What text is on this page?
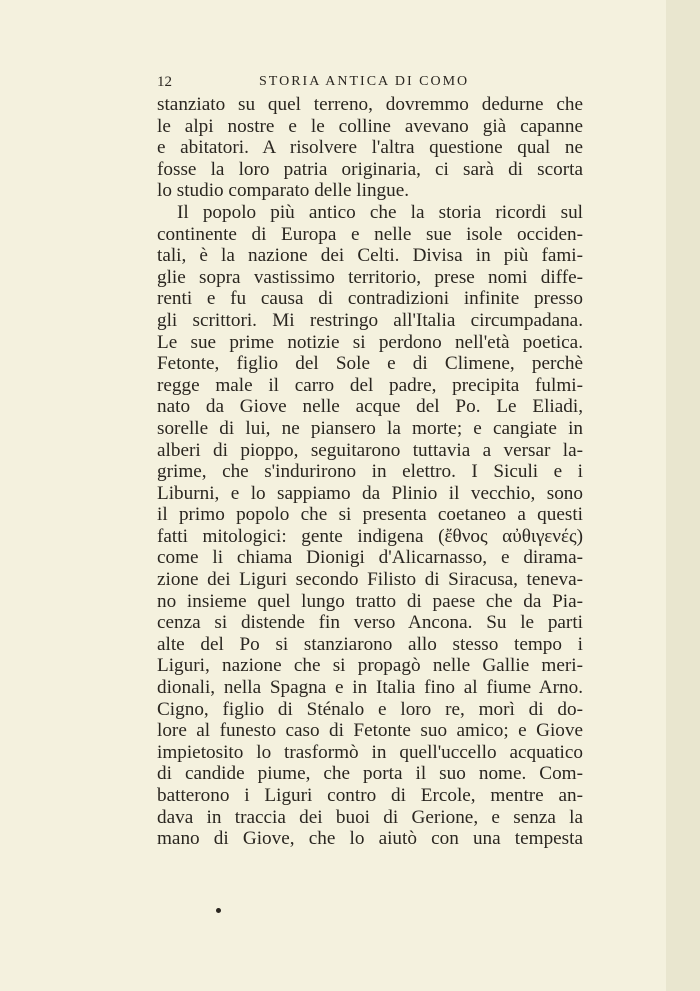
12	STORIA ANTICA DI COMO
stanziato su quel terreno, dovremmo dedurne che
le alpi nostre e le colline avevano già capanne
e abitatori. A risolvere l'altra questione qual ne
fosse la loro patria originaria, ci sarà di scorta
lo studio comparato delle lingue.
Il popolo più antico che la storia ricordi sul
continente di Europa e nelle sue isole occiden-
tali, è la nazione dei Celti. Divisa in più fami-
glie sopra vastissimo territorio, prese nomi diffe-
renti e fu causa di contradizioni infinite presso
gli scrittori. Mi restringo all'Italia circumpadana.
Le sue prime notizie si perdono nell'età poetica.
Fetonte, figlio del Sole e di Climene, perchè
regge male il carro del padre, precipita fulmi-
nato da Giove nelle acque del Po. Le Eliadi,
sorelle di lui, ne piansero la morte; e cangiate in
alberi di pioppo, seguitarono tuttavia a versar la-
grime, che s'indurirono in elettro. I Siculi e i
Liburni, e lo sappiamo da Plinio il vecchio, sono
il primo popolo che si presenta coetaneo a questi
fatti mitologici: gente indigena (ἔθνος αὐθιγενές)
come li chiama Dionigi d'Alicarnasso, e dirama-
zione dei Liguri secondo Filisto di Siracusa, teneva-
no insieme quel lungo tratto di paese che da Pia-
cenza si distende fin verso Ancona. Su le parti
alte del Po si stanziarono allo stesso tempo i
Liguri, nazione che si propagò nelle Gallie meri-
dionali, nella Spagna e in Italia fino al fiume Arno.
Cigno, figlio di Sténalo e loro re, morì di do-
lore al funesto caso di Fetonte suo amico; e Giove
impietosito lo trasformò in quell'uccello acquatico
di candide piume, che porta il suo nome. Com-
batterono i Liguri contro di Ercole, mentre an-
dava in traccia dei buoi di Gerione, e senza la
mano di Giove, che lo aiutò con una tempesta
